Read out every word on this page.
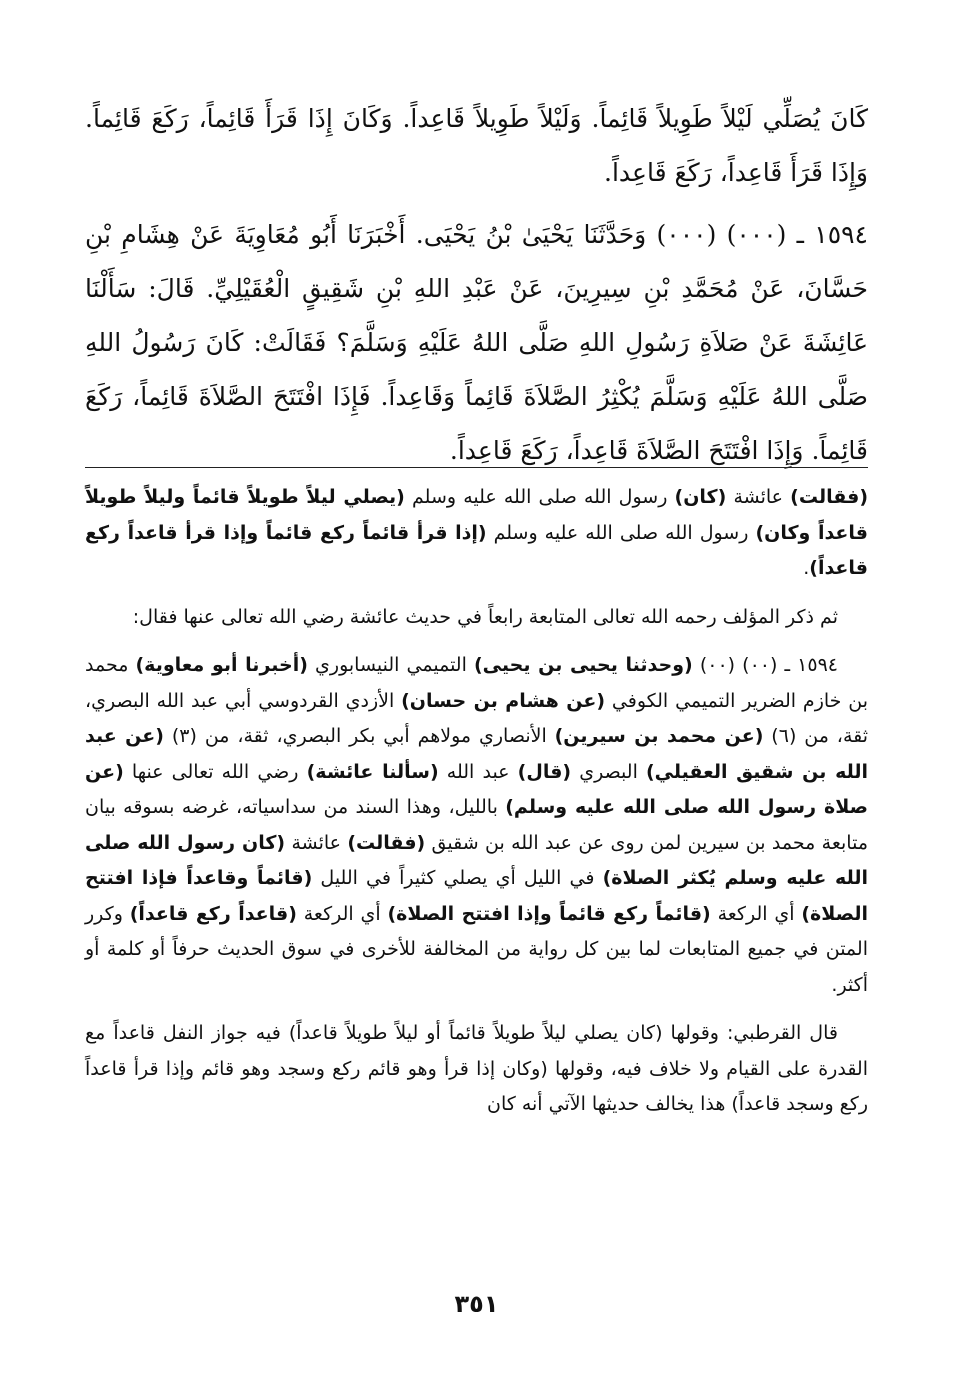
كَانَ يُصَلِّي لَيْلاً طَوِيلاً قَائِماً. وَلَيْلاً طَوِيلاً قَاعِداً. وَكَانَ إِذَا قَرَأَ قَائِماً، رَكَعَ قَائِماً. وَإِذَا قَرَأَ قَاعِداً، رَكَعَ قَاعِداً.

١٥٩٤ ـ (٠٠٠) (٠٠٠) وَحَدَّثَنَا يَحْيَىٰ بْنُ يَحْيَى. أَخْبَرَنَا أَبُو مُعَاوِيَةَ عَنْ هِشَامِ بْنِ حَسَّانَ، عَنْ مُحَمَّدِ بْنِ سِيرِينَ، عَنْ عَبْدِ اللهِ بْنِ شَقِيقٍ الْعُقَيْلِيِّ. قَالَ: سَأَلْنَا عَائِشَةَ عَنْ صَلاَةِ رَسُولِ اللهِ صَلَّى اللهُ عَلَيْهِ وَسَلَّمَ؟ فَقَالَتْ: كَانَ رَسُولُ اللهِ صَلَّى اللهُ عَلَيْهِ وَسَلَّمَ يُكْثِرُ الصَّلاَةَ قَائِماً وَقَاعِداً. فَإِذَا افْتَتَحَ الصَّلاَةَ قَائِماً، رَكَعَ قَائِماً. وَإِذَا افْتَتَحَ الصَّلاَةَ قَاعِداً، رَكَعَ قَاعِداً.

(فقالت) عائشة (كان) رسول الله صلى الله عليه وسلم (يصلي ليلاً طويلاً قائماً وليلاً طويلاً قاعداً وكان) رسول الله صلى الله عليه وسلم (إذا قرأ قائماً ركع قائماً وإذا قرأ قاعداً ركع قاعداً).

ثم ذكر المؤلف رحمه الله تعالى المتابعة رابعاً في حديث عائشة رضي الله تعالى عنها فقال:

١٥٩٤ ـ (٠٠) (٠٠) (وحدثنا يحيى بن يحيى) التميمي النيسابوري (أخبرنا أبو معاوية) محمد بن خازم الضرير التميمي الكوفي (عن هشام بن حسان) الأزدي القردوسي أبي عبد الله البصري، ثقة، من (٦) (عن محمد بن سيرين) الأنصاري مولاهم أبي بكر البصري، ثقة، من (٣) (عن عبد الله بن شقيق العقيلي) البصري (قال) عبد الله (سألنا عائشة) رضي الله تعالى عنها (عن صلاة رسول الله صلى الله عليه وسلم) بالليل، وهذا السند من سداسياته، غرضه بسوقه بيان متابعة محمد بن سيرين لمن روى عن عبد الله بن شقيق (فقالت) عائشة (كان رسول الله صلى الله عليه وسلم يُكثر الصلاة) في الليل أي يصلي كثيراً في الليل (قائماً وقاعداً فإذا افتتح الصلاة) أي الركعة (قائماً ركع قائماً وإذا افتتح الصلاة) أي الركعة (قاعداً ركع قاعداً) وكرر المتن في جميع المتابعات لما بين كل رواية من المخالفة للأخرى في سوق الحديث حرفاً أو كلمة أو أكثر.

قال القرطبي: وقولها (كان يصلي ليلاً طويلاً قائماً أو ليلاً طويلاً قاعداً) فيه جواز النفل قاعداً مع القدرة على القيام ولا خلاف فيه، وقولها (وكان إذا قرأ وهو قائم ركع وسجد وهو قائم وإذا قرأ قاعداً ركع وسجد قاعداً) هذا يخالف حديثها الآتي أنه كان

٣٥١
